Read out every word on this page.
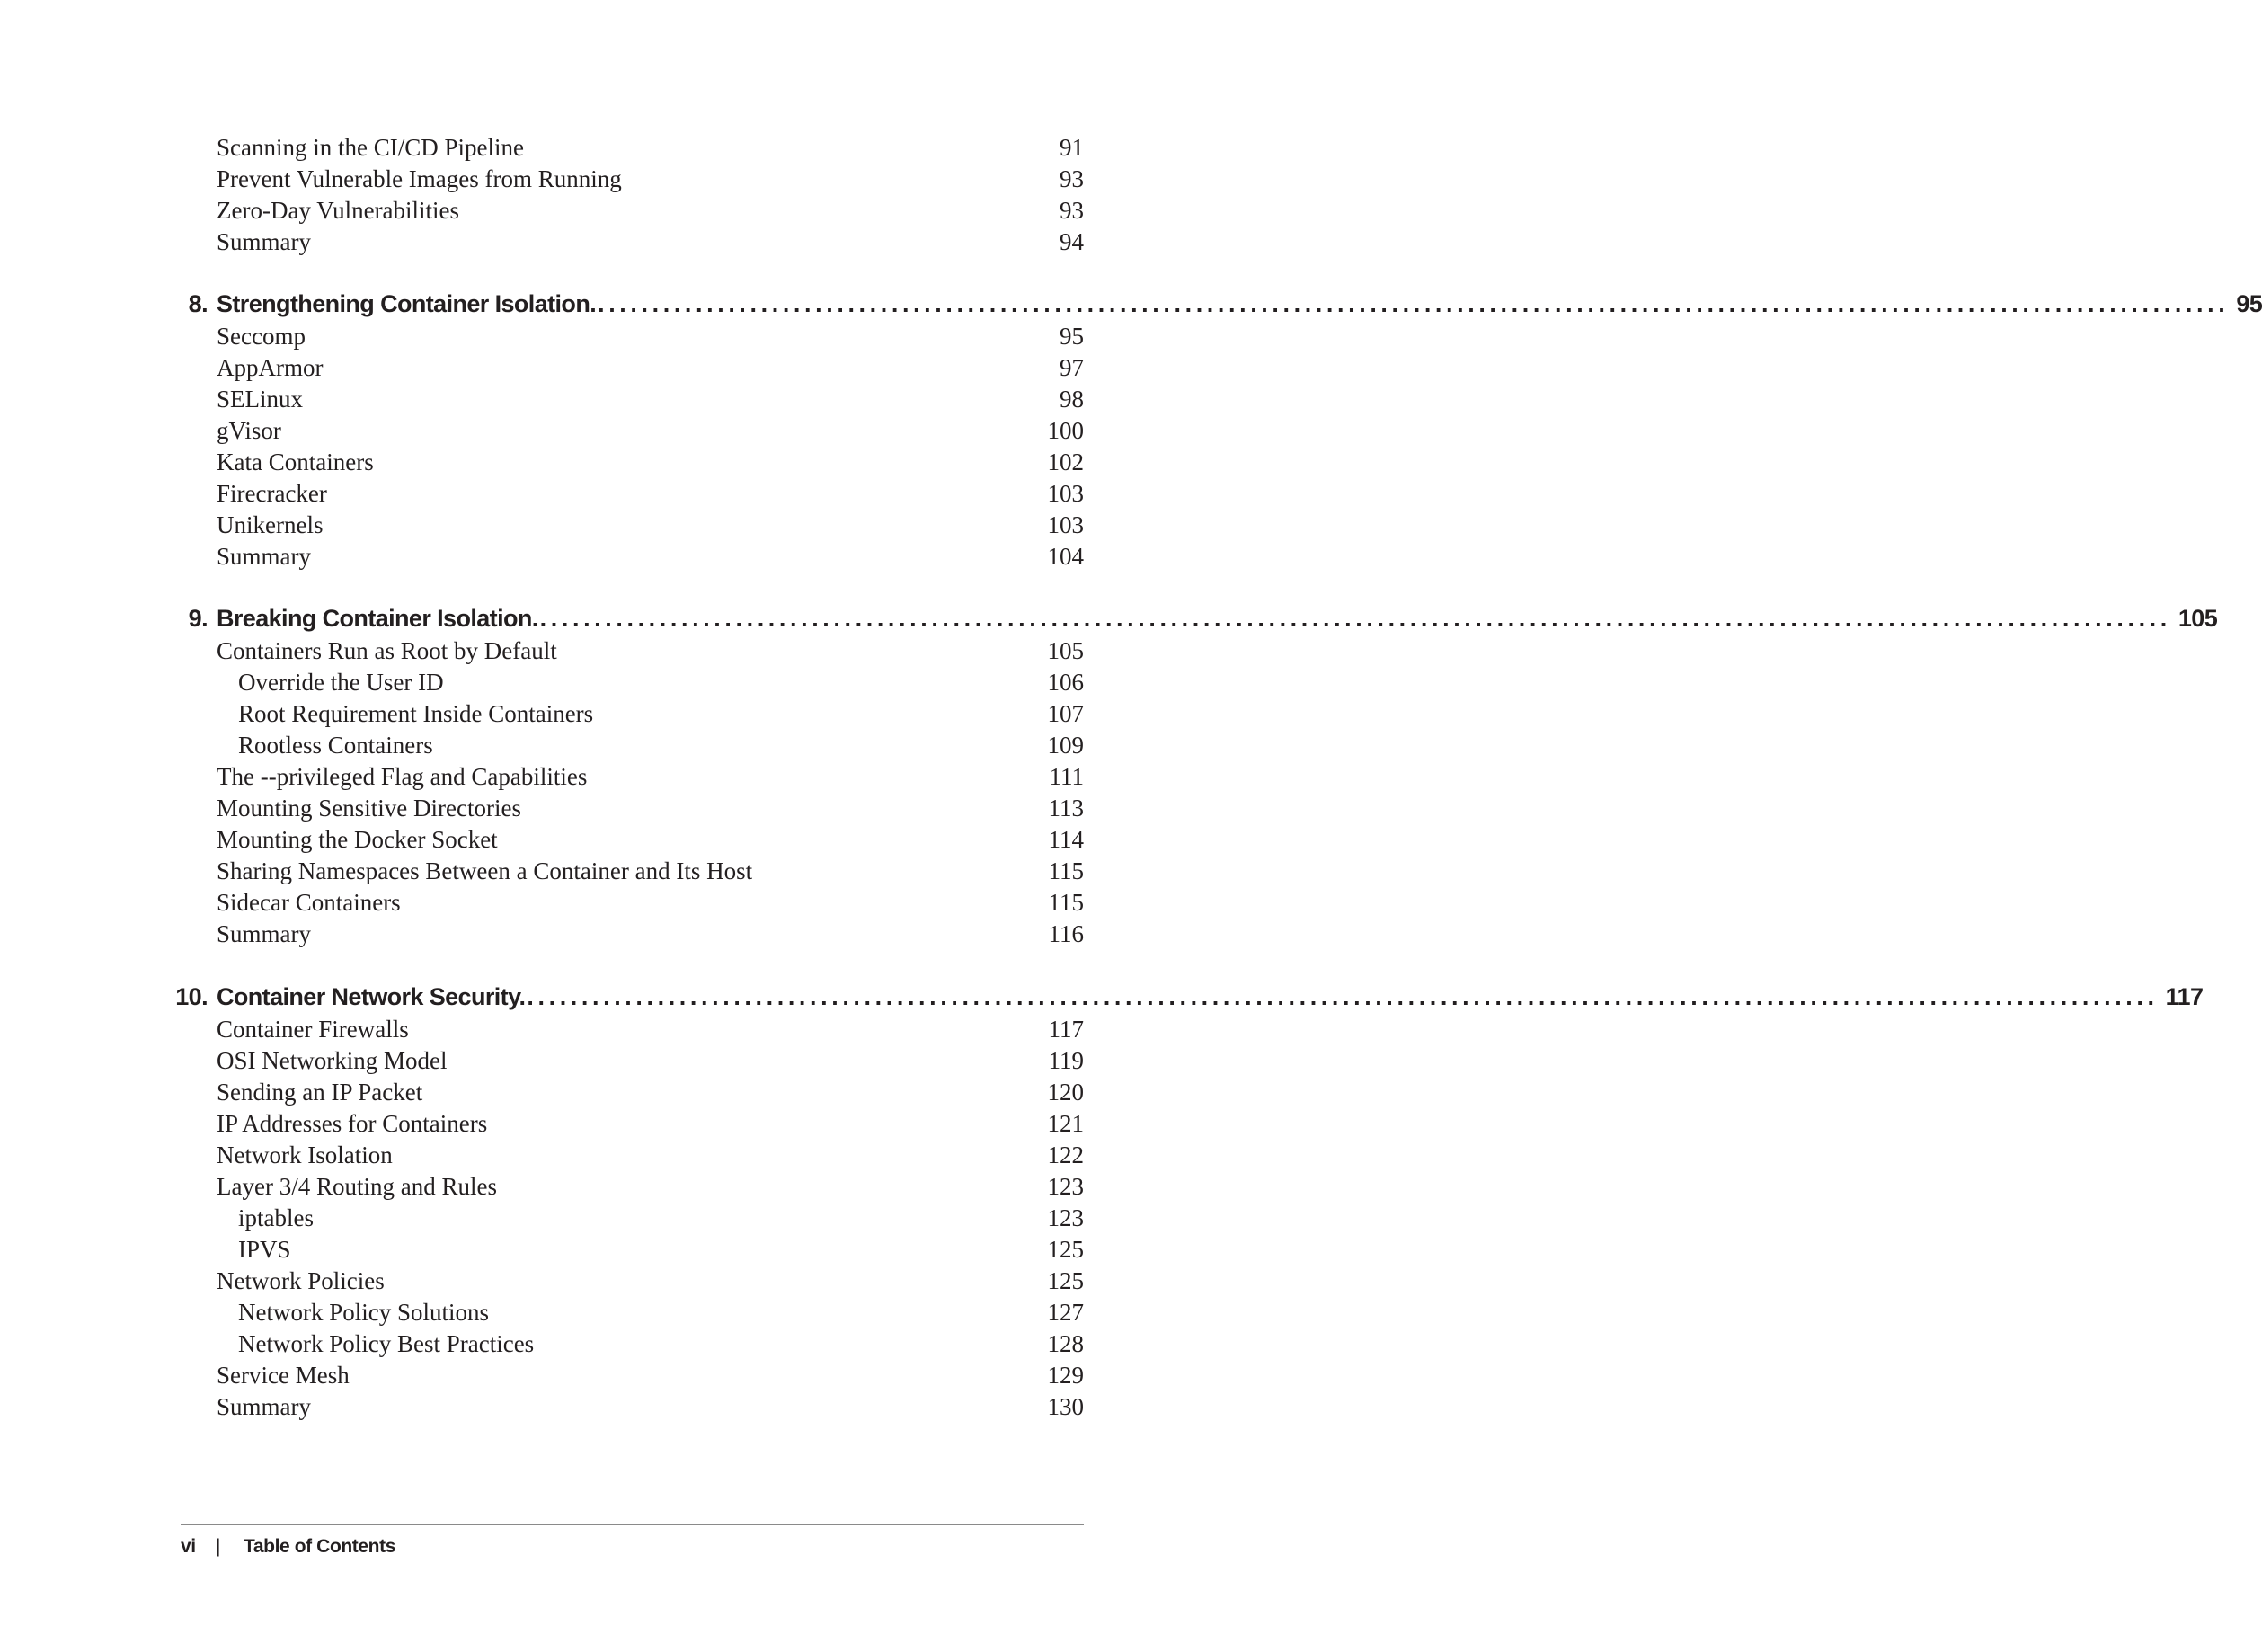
Scanning in the CI/CD Pipeline	91
Prevent Vulnerable Images from Running	93
Zero-Day Vulnerabilities	93
Summary	94
8. Strengthening Container Isolation. ...................................................................................................................................................... 95
Seccomp	95
AppArmor	97
SELinux	98
gVisor	100
Kata Containers	102
Firecracker	103
Unikernels	103
Summary	104
9. Breaking Container Isolation. ...................................................................................................................................................... 105
Containers Run as Root by Default	105
Override the User ID	106
Root Requirement Inside Containers	107
Rootless Containers	109
The --privileged Flag and Capabilities	111
Mounting Sensitive Directories	113
Mounting the Docker Socket	114
Sharing Namespaces Between a Container and Its Host	115
Sidecar Containers	115
Summary	116
10. Container Network Security. ...................................................................................................................................................... 117
Container Firewalls	117
OSI Networking Model	119
Sending an IP Packet	120
IP Addresses for Containers	121
Network Isolation	122
Layer 3/4 Routing and Rules	123
iptables	123
IPVS	125
Network Policies	125
Network Policy Solutions	127
Network Policy Best Practices	128
Service Mesh	129
Summary	130
vi | Table of Contents
